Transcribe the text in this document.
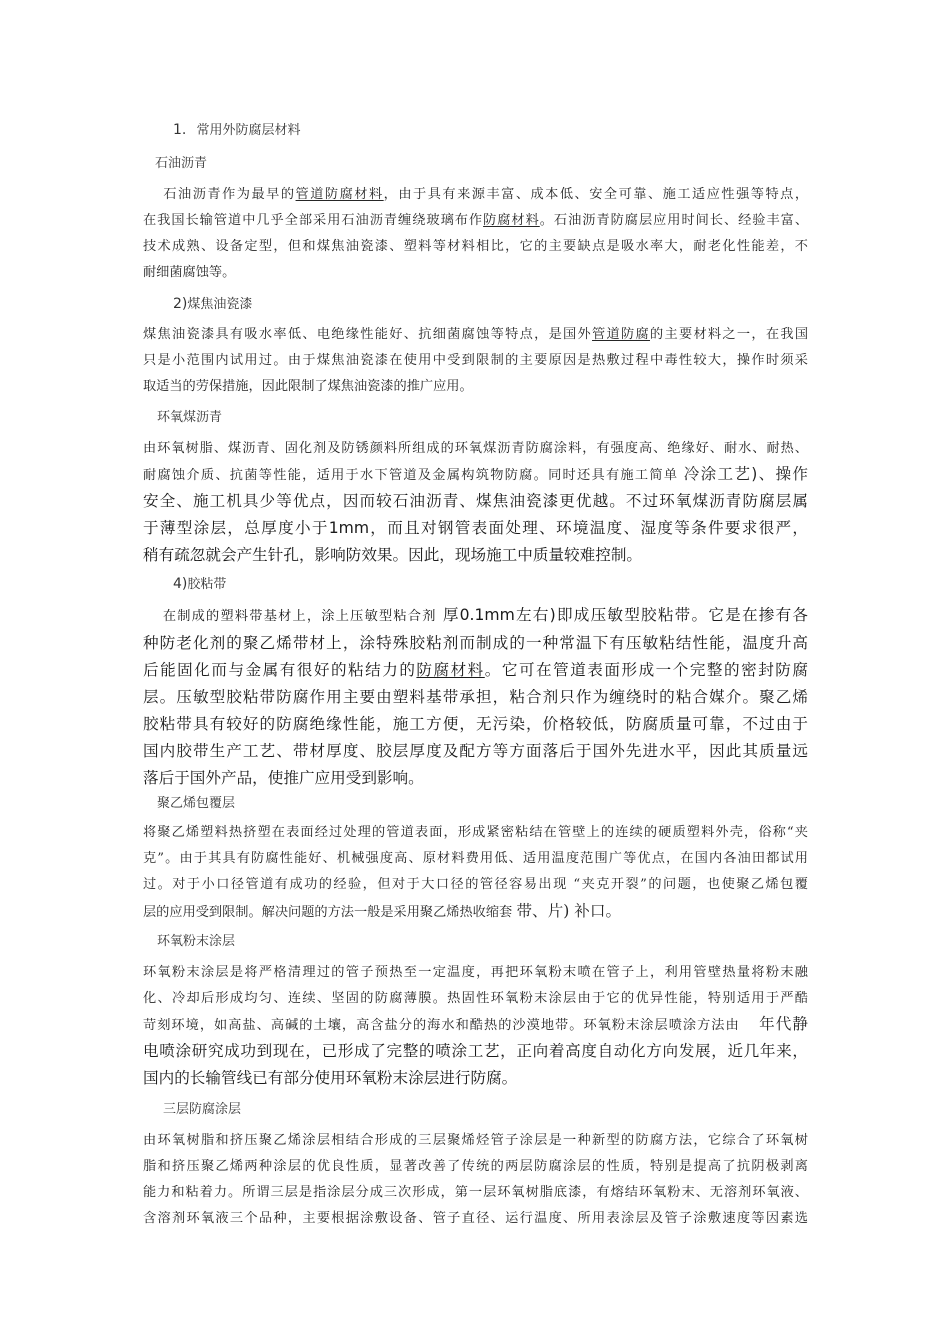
1. 常用外防腐层材料
石油沥青
　 石油沥青作为最早的管道防腐材料，由于具有来源丰富、成本低、安全可靠、施工适应性强等特点，
在我国长输管道中几乎全部采用石油沥青缠绕玻璃布作防腐材料。石油沥青防腐层应用时间长、经验丰富、
技术成熟、设备定型，但和煤焦油瓷漆、塑料等材料相比，它的主要缺点是吸水率大，耐老化性能差，不
耐细菌腐蚀等。
2)煤焦油瓷漆
煤焦油瓷漆具有吸水率低、电绝缘性能好、抗细菌腐蚀等特点，是国外管道防腐的主要材料之一，在我国
只是小范围内试用过。由于煤焦油瓷漆在使用中受到限制的主要原因是热敷过程中毒性较大，操作时须采
取适当的劳保措施，因此限制了煤焦油瓷漆的推广应用。
环氧煤沥青
由环氧树脂、煤沥青、固化剂及防锈颜料所组成的环氧煤沥青防腐涂料，有强度高、绝缘好、耐水、耐热、
耐腐蚀介质、抗菌等性能，适用于水下管道及金属构筑物防腐。同时还具有施工简单 冷涂工艺)、操作
安全、施工机具少等优点，因而较石油沥青、煤焦油瓷漆更优越。不过环氧煤沥青防腐层属
于薄型涂层，总厚度小于1mm，而且对钢管表面处理、环境温度、湿度等条件要求很严，
稍有疏忽就会产生针孔，影响防效果。因此，现场施工中质量较难控制。
4)胶粘带
　 在制成的塑料带基材上，涂上压敏型粘合剂 厚0.1mm左右)即成压敏型胶粘带。它是在掺有各
种防老化剂的聚乙烯带材上，涂特殊胶粘剂而制成的一种常温下有压敏粘结性能，温度升高
后能固化而与金属有很好的粘结力的防腐材料。它可在管道表面形成一个完整的密封防腐
层。压敏型胶粘带防腐作用主要由塑料基带承担，粘合剂只作为缠绕时的粘合媒介。聚乙烯
胶粘带具有较好的防腐绝缘性能，施工方便，无污染，价格较低，防腐质量可靠，不过由于
国内胶带生产工艺、带材厚度、胶层厚度及配方等方面落后于国外先进水平，因此其质量远
落后于国外产品，使推广应用受到影响。
聚乙烯包覆层
将聚乙烯塑料热挤塑在表面经过处理的管道表面，形成紧密粘结在管壁上的连续的硬质塑料外壳，俗称“夹
克”。由于其具有防腐性能好、机械强度高、原材料费用低、适用温度范围广等优点，在国内各油田都试用
过。对于小口径管道有成功的经验，但对于大口径的管径容易出现 “夹克开裂”的问题，也使聚乙烯包覆
层的应用受到限制。解决问题的方法一般是采用聚乙烯热收缩套 带、片) 补口。
环氧粉末涂层
环氧粉末涂层是将严格清理过的管子预热至一定温度，再把环氧粉末喷在管子上，利用管壁热量将粉末融
化、冷却后形成均匀、连续、坚固的防腐薄膜。热固性环氧粉末涂层由于它的优异性能，特别适用于严酷
苛刻环境，如高盐、高碱的土壤，高含盐分的海水和酷热的沙漠地带。环氧粉末涂层喷涂方法由　 年代静
电喷涂研究成功到现在，已形成了完整的喷涂工艺，正向着高度自动化方向发展，近几年来，
国内的长输管线已有部分使用环氧粉末涂层进行防腐。
三层防腐涂层
由环氧树脂和挤压聚乙烯涂层相结合形成的三层聚烯烃管子涂层是一种新型的防腐方法，它综合了环氧树
脂和挤压聚乙烯两种涂层的优良性质，显著改善了传统的两层防腐涂层的性质，特别是提高了抗阴极剥离
能力和粘着力。所谓三层是指涂层分成三次形成，第一层环氧树脂底漆，有熔结环氧粉末、无溶剂环氧液、
含溶剂环氧液三个品种，主要根据涂敷设备、管子直径、运行温度、所用表涂层及管子涂敷速度等因素选
